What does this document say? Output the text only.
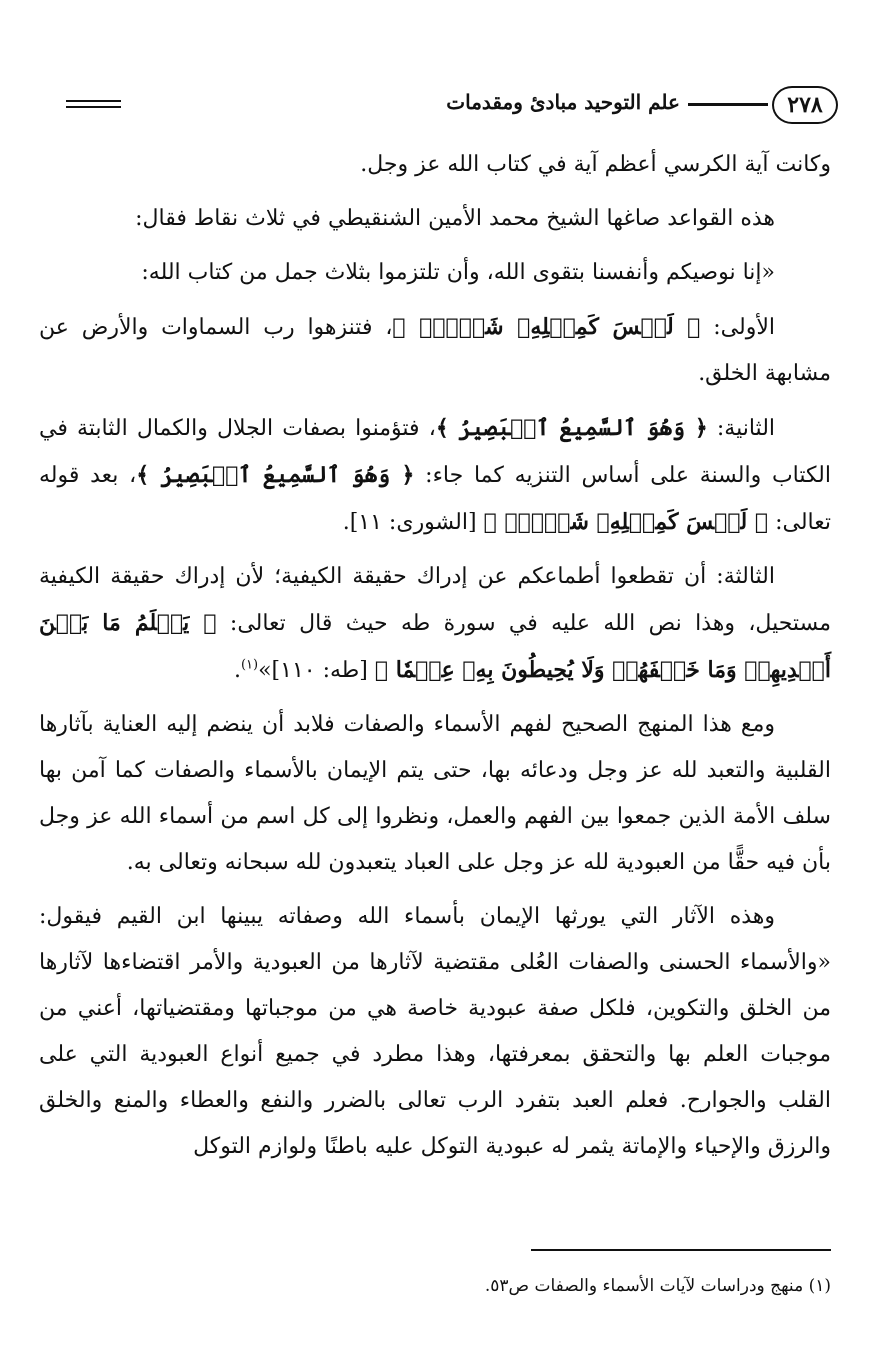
٢٧٨
علم التوحيد مبادئ ومقدمات

وكانت آية الكرسي أعظم آية في كتاب الله عز وجل.

هذه القواعد صاغها الشيخ محمد الأمين الشنقيطي في ثلاث نقاط فقال:

«إنا نوصيكم وأنفسنا بتقوى الله، وأن تلتزموا بثلاث جمل من كتاب الله:

الأولى: ﴿ لَيۡسَ كَمِثۡلِهِۦ شَيۡءٞۖ ﴾، فتنزهوا رب السماوات والأرض عن مشابهة الخلق.

الثانية: ﴿ وَهُوَ ٱلسَّمِيعُ ٱلۡبَصِيرُ ﴾، فتؤمنوا بصفات الجلال والكمال الثابتة في الكتاب والسنة على أساس التنزيه كما جاء: ﴿ وَهُوَ ٱلسَّمِيعُ ٱلۡبَصِيرُ ﴾، بعد قوله تعالى: ﴿ لَيۡسَ كَمِثۡلِهِۦ شَيۡءٞۖ ﴾ [الشورى: ١١].

الثالثة: أن تقطعوا أطماعكم عن إدراك حقيقة الكيفية؛ لأن إدراك حقيقة الكيفية مستحيل، وهذا نص الله عليه في سورة طه حيث قال تعالى: ﴿ يَعۡلَمُ مَا بَيۡنَ أَيۡدِيهِمۡ وَمَا خَلۡفَهُمۡ وَلَا يُحِيطُونَ بِهِۦ عِلۡمٗا ﴾ [طه: ١١٠]»$^{(١)}$.

ومع هذا المنهج الصحيح لفهم الأسماء والصفات فلابد أن ينضم إليه العناية بآثارها القلبية والتعبد لله عز وجل ودعائه بها، حتى يتم الإيمان بالأسماء والصفات كما آمن بها سلف الأمة الذين جمعوا بين الفهم والعمل، ونظروا إلى كل اسم من أسماء الله عز وجل بأن فيه حقًّا من العبودية لله عز وجل على العباد يتعبدون لله سبحانه وتعالى به.

وهذه الآثار التي يورثها الإيمان بأسماء الله وصفاته يبينها ابن القيم فيقول: «والأسماء الحسنى والصفات العُلى مقتضية لآثارها من العبودية والأمر اقتضاءها لآثارها من الخلق والتكوين، فلكل صفة عبودية خاصة هي من موجباتها ومقتضياتها، أعني من موجبات العلم بها والتحقق بمعرفتها، وهذا مطرد في جميع أنواع العبودية التي على القلب والجوارح. فعلم العبد بتفرد الرب تعالى بالضرر والنفع والعطاء والمنع والخلق والرزق والإحياء والإماتة يثمر له عبودية التوكل عليه باطنًا ولوازم التوكل

(١) منهج ودراسات لآيات الأسماء والصفات ص٥٣.
